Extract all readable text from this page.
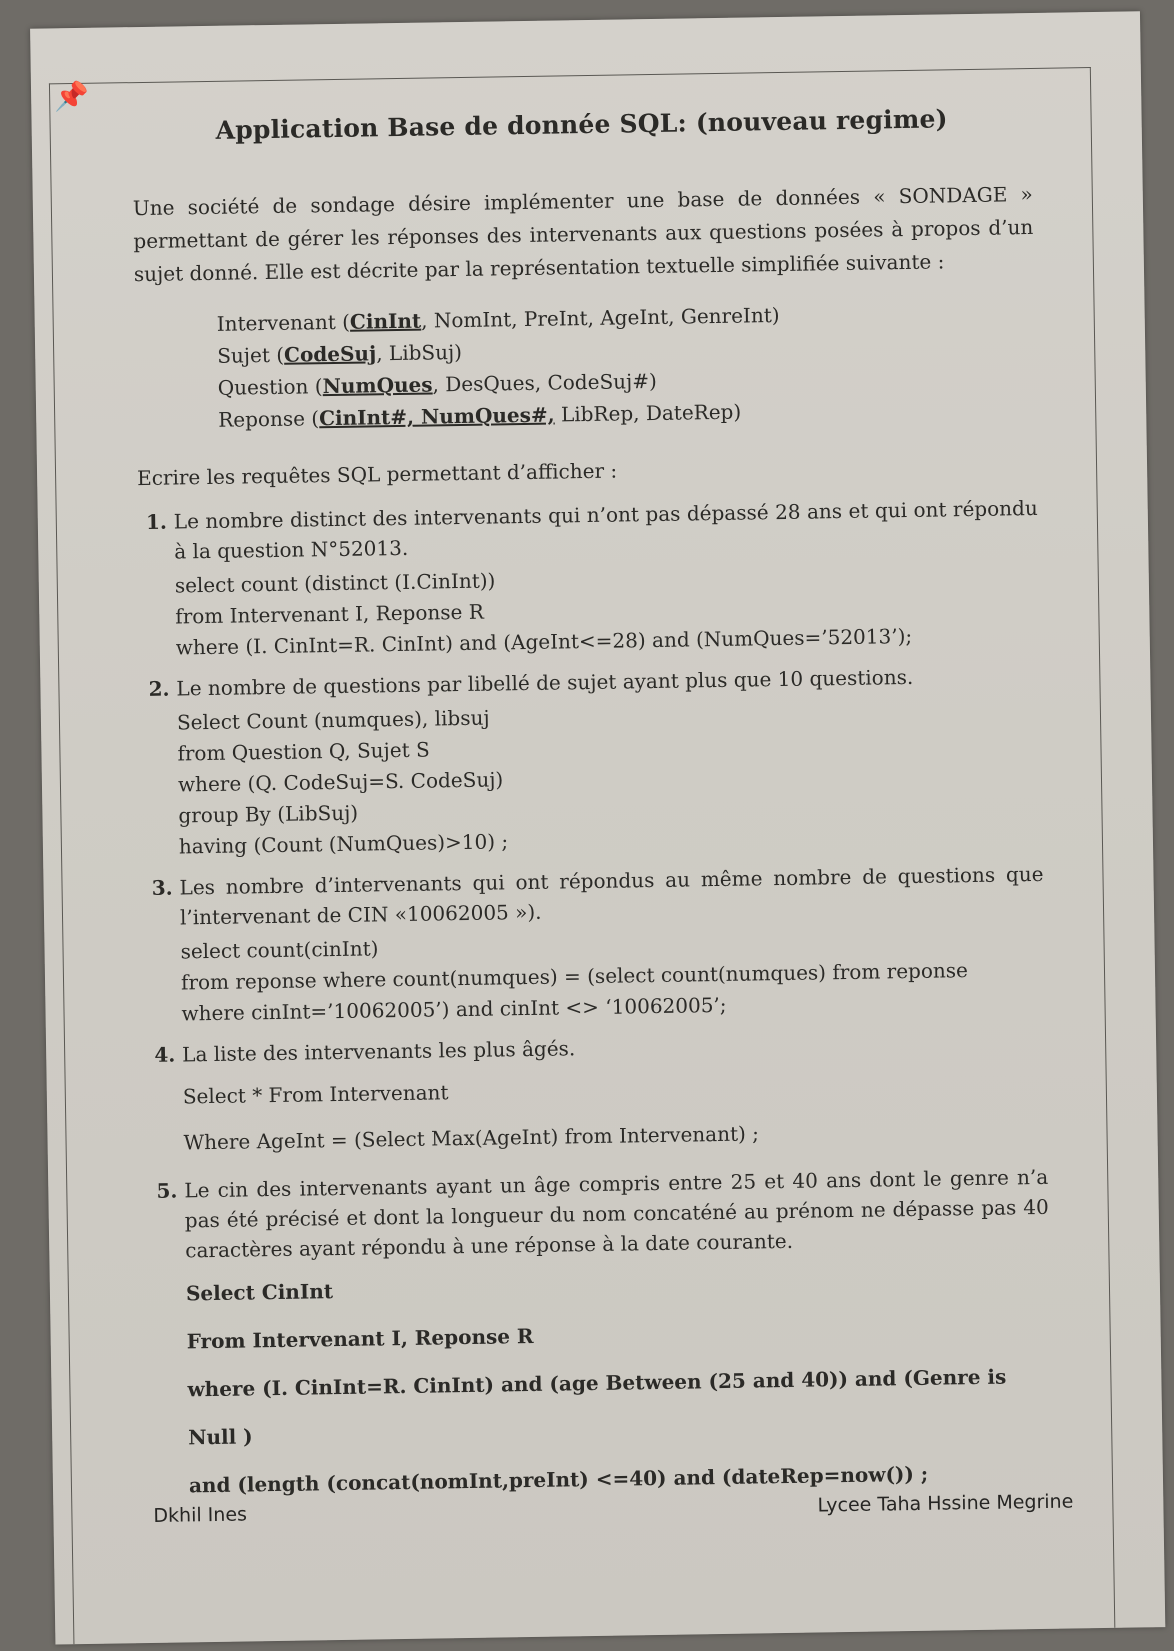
📌

Application Base de donnée SQL: (nouveau regime)

Une société de sondage désire implémenter une base de données « SONDAGE » permettant de gérer les réponses des intervenants aux questions posées à propos d’un sujet donné. Elle est décrite par la représentation textuelle simplifiée suivante :

Intervenant (CinInt, NomInt, PreInt, AgeInt, GenreInt)
Sujet (CodeSuj, LibSuj)
Question (NumQues, DesQues, CodeSuj#)
Reponse (CinInt#, NumQues#, LibRep, DateRep)

Ecrire les requêtes SQL permettant d’afficher :

1. Le nombre distinct des intervenants qui n’ont pas dépassé 28 ans et qui ont répondu à la question N°52013.
select count (distinct (I.CinInt))
from Intervenant I, Reponse R
where (I. CinInt=R. CinInt) and (AgeInt<=28) and (NumQues=’52013’);
2. Le nombre de questions par libellé de sujet ayant plus que 10 questions.
Select Count (numques), libsuj
from Question Q, Sujet S
where (Q. CodeSuj=S. CodeSuj)
group By (LibSuj)
having (Count (NumQues)>10) ;
3. Les nombre d’intervenants qui ont répondus au même nombre de questions que l’intervenant de CIN «10062005 »).
select count(cinInt)
from reponse where count(numques) = (select count(numques) from reponse
where cinInt=’10062005’) and cinInt <> ‘10062005’;
4. La liste des intervenants les plus âgés.
Select * From Intervenant
Where AgeInt = (Select Max(AgeInt) from Intervenant) ;
5. Le cin des intervenants ayant un âge compris entre 25 et 40 ans dont le genre n’a pas été précisé et dont la longueur du nom concaténé au prénom ne dépasse pas 40 caractères ayant répondu à une réponse à la date courante.
Select CinInt
From Intervenant I, Reponse R
where (I. CinInt=R. CinInt) and (age Between (25 and 40)) and (Genre is Null )
and (length (concat(nomInt,preInt) <=40) and (dateRep=now()) ;
Dkhil Ines	Lycee Taha Hssine Megrine
